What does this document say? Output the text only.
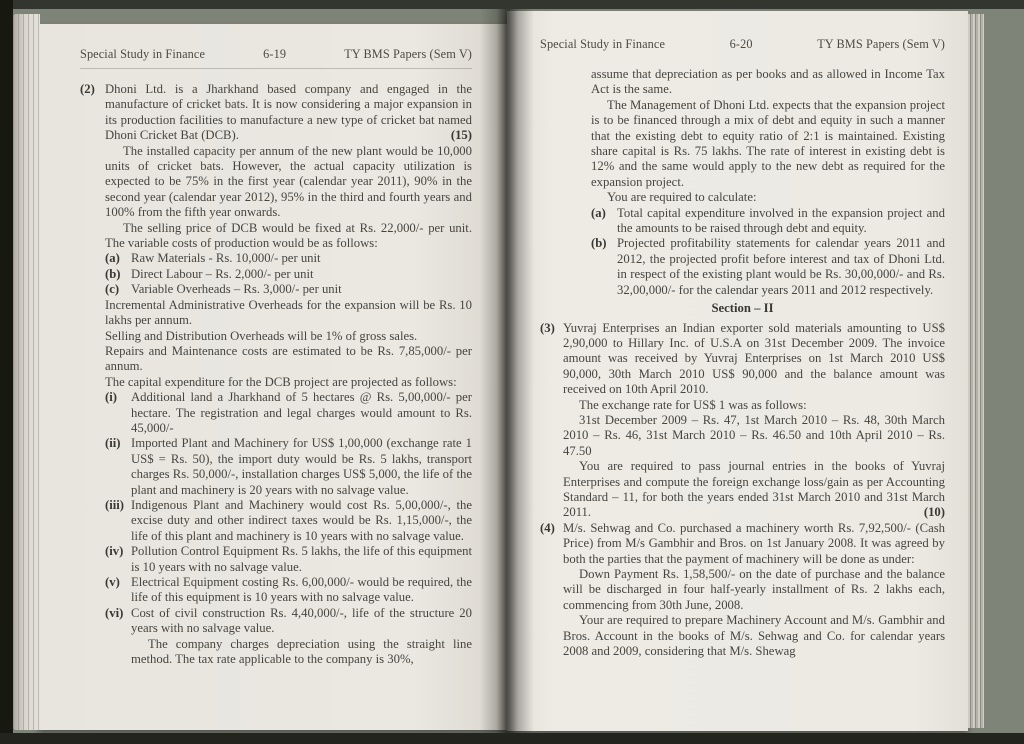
Special Study in Finance	6-19	TY BMS Papers (Sem V)

(2) Dhoni Ltd. is a Jharkhand based company and engaged in the manufacture of cricket bats. It is now considering a major expansion in its production facilities to manufacture a new type of cricket bat named Dhoni Cricket Bat (DCB).	(15)

The installed capacity per annum of the new plant would be 10,000 units of cricket bats. However, the actual capacity utilization is expected to be 75% in the first year (calendar year 2011), 90% in the second year (calendar year 2012), 95% in the third and fourth years and 100% from the fifth year onwards.

The selling price of DCB would be fixed at Rs. 22,000/- per unit. The variable costs of production would be as follows:

(a) Raw Materials - Rs. 10,000/- per unit

(b) Direct Labour – Rs. 2,000/- per unit

(c) Variable Overheads – Rs. 3,000/- per unit

Incremental Administrative Overheads for the expansion will be Rs. 10 lakhs per annum.

Selling and Distribution Overheads will be 1% of gross sales.

Repairs and Maintenance costs are estimated to be Rs. 7,85,000/- per annum.

The capital expenditure for the DCB project are projected as follows:

(i) Additional land a Jharkhand of 5 hectares @ Rs. 5,00,000/- per hectare. The registration and legal charges would amount to Rs. 45,000/-

(ii) Imported Plant and Machinery for US$ 1,00,000 (exchange rate 1 US$ = Rs. 50), the import duty would be Rs. 5 lakhs, transport charges Rs. 50,000/-, installation charges US$ 5,000, the life of the plant and machinery is 20 years with no salvage value.

(iii) Indigenous Plant and Machinery would cost Rs. 5,00,000/-, the excise duty and other indirect taxes would be Rs. 1,15,000/-, the life of this plant and machinery is 10 years with no salvage value.

(iv) Pollution Control Equipment Rs. 5 lakhs, the life of this equipment is 10 years with no salvage value.

(v) Electrical Equipment costing Rs. 6,00,000/- would be required, the life of this equipment is 10 years with no salvage value.

(vi) Cost of civil construction Rs. 4,40,000/-, life of the structure 20 years with no salvage value.

The company charges depreciation using the straight line method. The tax rate applicable to the company is 30%,

Special Study in Finance	6-20	TY BMS Papers (Sem V)

assume that depreciation as per books and as allowed in Income Tax Act is the same.

The Management of Dhoni Ltd. expects that the expansion project is to be financed through a mix of debt and equity in such a manner that the existing debt to equity ratio of 2:1 is maintained. Existing share capital is Rs. 75 lakhs. The rate of interest in existing debt is 12% and the same would apply to the new debt as required for the expansion project.

You are required to calculate:

(a) Total capital expenditure involved in the expansion project and the amounts to be raised through debt and equity.

(b) Projected profitability statements for calendar years 2011 and 2012, the projected profit before interest and tax of Dhoni Ltd. in respect of the existing plant would be Rs. 30,00,000/- and Rs. 32,00,000/- for the calendar years 2011 and 2012 respectively.

Section – II

(3) Yuvraj Enterprises an Indian exporter sold materials amounting to US$ 2,90,000 to Hillary Inc. of U.S.A on 31st December 2009. The invoice amount was received by Yuvraj Enterprises on 1st March 2010 US$ 90,000, 30th March 2010 US$ 90,000 and the balance amount was received on 10th April 2010.

The exchange rate for US$ 1 was as follows:

31st December 2009 – Rs. 47, 1st March 2010 – Rs. 48, 30th March 2010 – Rs. 46, 31st March 2010 – Rs. 46.50 and 10th April 2010 – Rs. 47.50

You are required to pass journal entries in the books of Yuvraj Enterprises and compute the foreign exchange loss/gain as per Accounting Standard – 11, for both the years ended 31st March 2010 and 31st March 2011.	(10)

(4) M/s. Sehwag and Co. purchased a machinery worth Rs. 7,92,500/- (Cash Price) from M/s Gambhir and Bros. on 1st January 2008. It was agreed by both the parties that the payment of machinery will be done as under:

Down Payment Rs. 1,58,500/- on the date of purchase and the balance will be discharged in four half-yearly installment of Rs. 2 lakhs each, commencing from 30th June, 2008.

Your are required to prepare Machinery Account and M/s. Gambhir and Bros. Account in the books of M/s. Sehwag and Co. for calendar years 2008 and 2009, considering that M/s. Shewag
